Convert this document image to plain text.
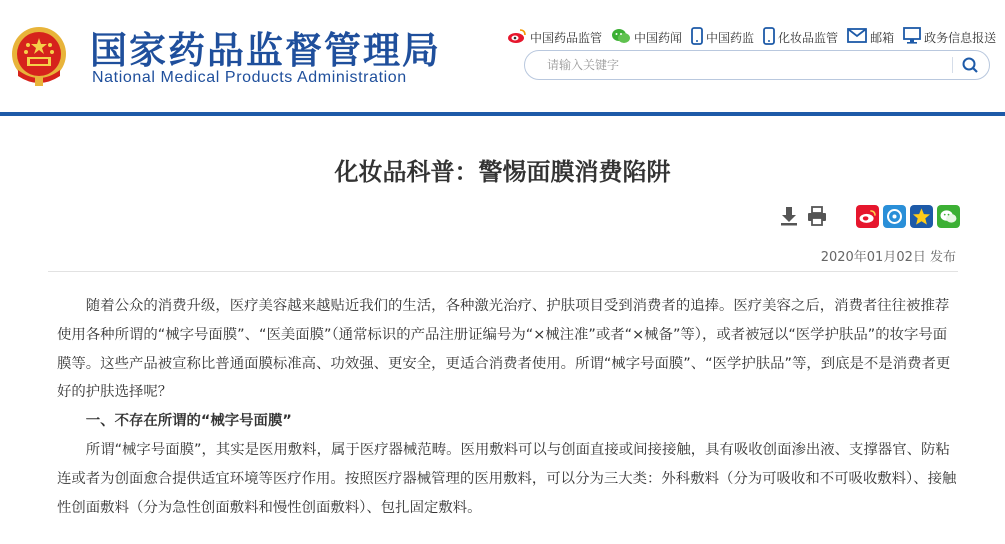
国家药品监督管理局
National Medical Products Administration
中国药品监管	中国药闻 中国药监 化妆品监管	邮箱	政务信息报送
请输入关键字
化妆品科普：警惕面膜消费陷阱
2020年01月02日 发布

随着公众的消费升级，医疗美容越来越贴近我们的生活，各种激光治疗、护肤项目受到消费者的追捧。医疗美容之后，消费者往往被推荐使用各种所谓的“械字号面膜”、“医美面膜”（通常标识的产品注册证编号为“×械注准”或者“×械备”等），或者被冠以“医学护肤品”的妆字号面膜等。这些产品被宣称比普通面膜标准高、功效强、更安全，更适合消费者使用。所谓“械字号面膜”、“医学护肤品”等，到底是不是消费者更好的护肤选择呢？

一、不存在所谓的“械字号面膜”

所谓“械字号面膜”，其实是医用敷料，属于医疗器械范畴。医用敷料可以与创面直接或间接接触，具有吸收创面渗出液、支撑器官、防粘连或者为创面愈合提供适宜环境等医疗作用。按照医疗器械管理的医用敷料，可以分为三大类：外科敷料（分为可吸收和不可吸收敷料）、接触性创面敷料（分为急性创面敷料和慢性创面敷料）、包扎固定敷料。
